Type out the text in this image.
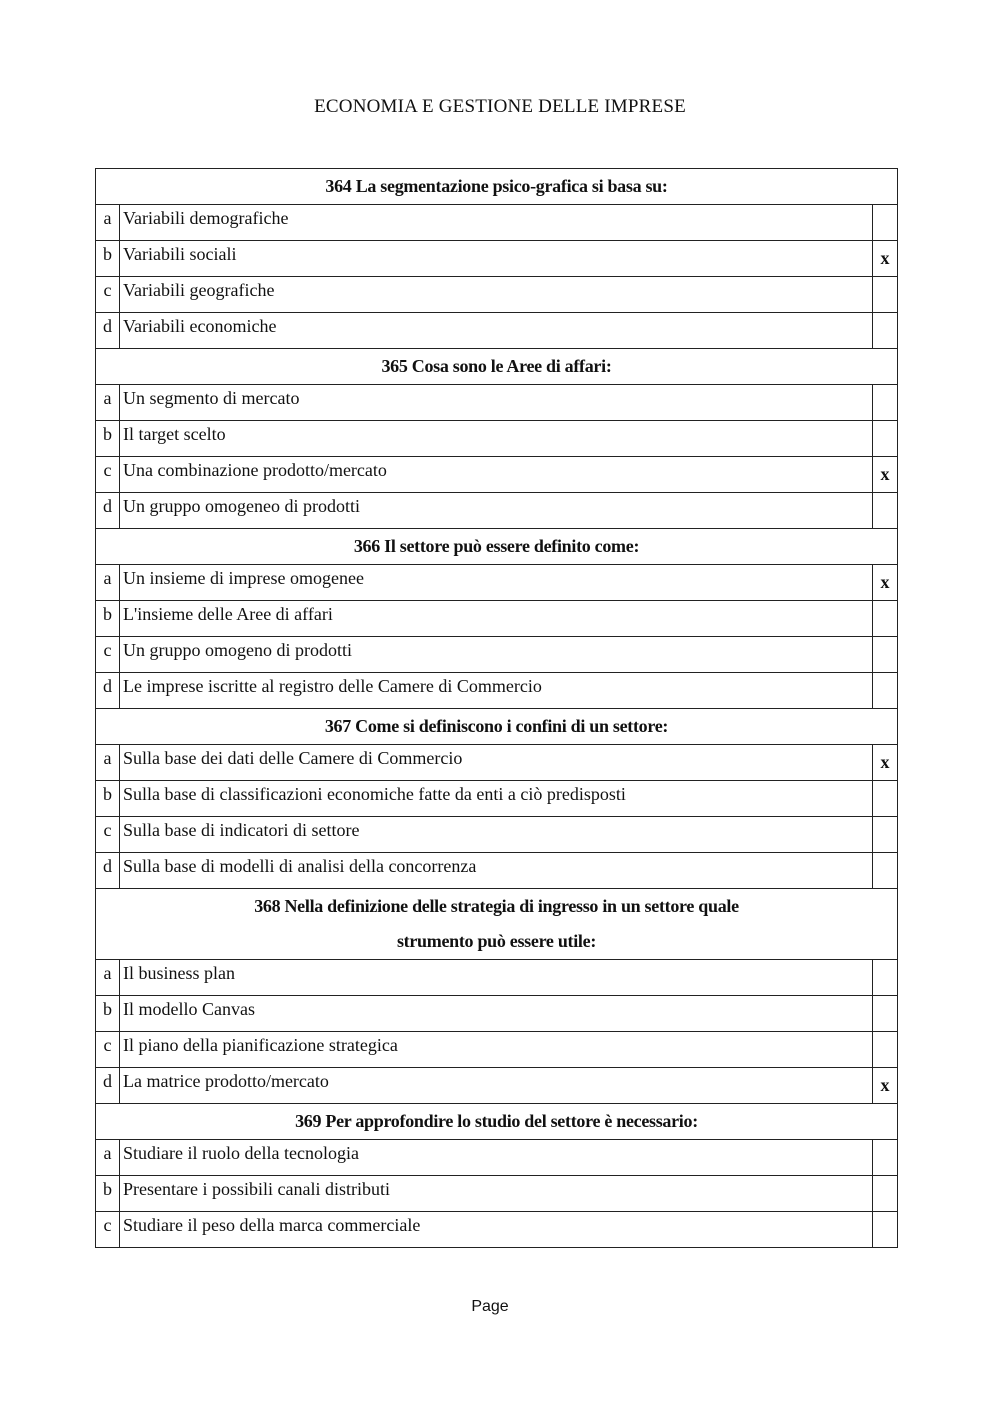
ECONOMIA E GESTIONE DELLE IMPRESE
364 La segmentazione psico-grafica si basa su:		

a	Variabili demografiche	
b	Variabili sociali	x
c	Variabili geografiche	
d	Variabili economiche	

365 Cosa sono le Aree di affari:		

a	Un segmento di mercato	
b	Il target scelto	
c	Una combinazione prodotto/mercato	x
d	Un gruppo omogeneo di prodotti	

366 Il settore può essere definito come:		

a	Un insieme di imprese omogenee	x
b	L'insieme delle Aree di affari	
c	Un gruppo omogeno di prodotti	
d	Le imprese iscritte al registro delle Camere di Commercio	

367 Come si definiscono i confini di un settore:		

a	Sulla base dei dati delle Camere di Commercio	x
b	Sulla base di classificazioni economiche fatte da enti a ciò predisposti	
c	Sulla base di indicatori di settore	
d	Sulla base di modelli di analisi della concorrenza	

368 Nella definizione delle strategia di ingresso in un settore quale
strumento può essere utile:		

a	Il business plan	
b	Il modello Canvas	
c	Il piano della pianificazione strategica	
d	La matrice prodotto/mercato	x

369 Per approfondire lo studio del settore è necessario:		

a	Studiare il ruolo della tecnologia	
b	Presentare i possibili canali distributi	
c	Studiare il peso della marca commerciale	
Page
